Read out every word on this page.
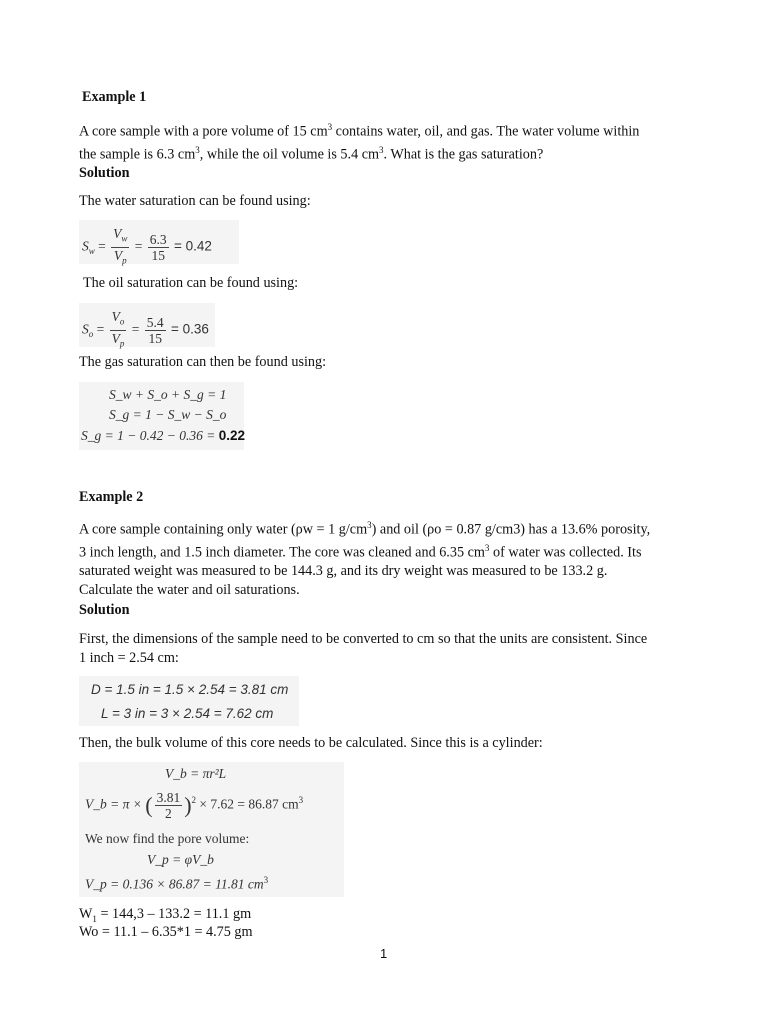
Example 1
A core sample with a pore volume of 15 $cm^3$ contains water, oil, and gas. The water volume within
the sample is 6.3 $cm^3$, while the oil volume is 5.4 $cm^3$. What is the gas saturation?
Solution
The water saturation can be found using:
$S_w = \frac{V_w}{V_p} = \frac{6.3}{15} = 0.42$
The oil saturation can be found using:
$S_o = \frac{V_o}{V_p} = \frac{5.4}{15} = 0.36$
The gas saturation can then be found using:
S_w + S_o + S_g = 1
S_g = 1 − S_w − S_o
S_g = 1 − 0.42 − 0.36 = 0.22
Example 2
A core sample containing only water (ρw = 1 $g/cm^3$) and oil (ρo = 0.87 g/cm3) has a 13.6% porosity,
3 inch length, and 1.5 inch diameter. The core was cleaned and 6.35 $cm^3$ of water was collected. Its
saturated weight was measured to be 144.3 g, and its dry weight was measured to be 133.2 g.
Calculate the water and oil saturations.
Solution
First, the dimensions of the sample need to be converted to cm so that the units are consistent. Since
1 inch = 2.54 cm:
D = 1.5 in = 1.5 × 2.54 = 3.81 cm
L = 3 in = 3 × 2.54 = 7.62 cm
Then, the bulk volume of this core needs to be calculated. Since this is a cylinder:
V_b = πr²L
V_b = π × ( $\frac{3.81}{2} )^2 \times 7.62 = 86.87$ $cm^3$
We now find the pore volume:
V_p = φV_b
V_p = 0.136 × 86.87 = 11.81 $cm^3$
$W_1 = 144,3 - 133.2 = 11.1$ gm
Wo = 11.1 – 6.35*1 = 4.75 gm
1
